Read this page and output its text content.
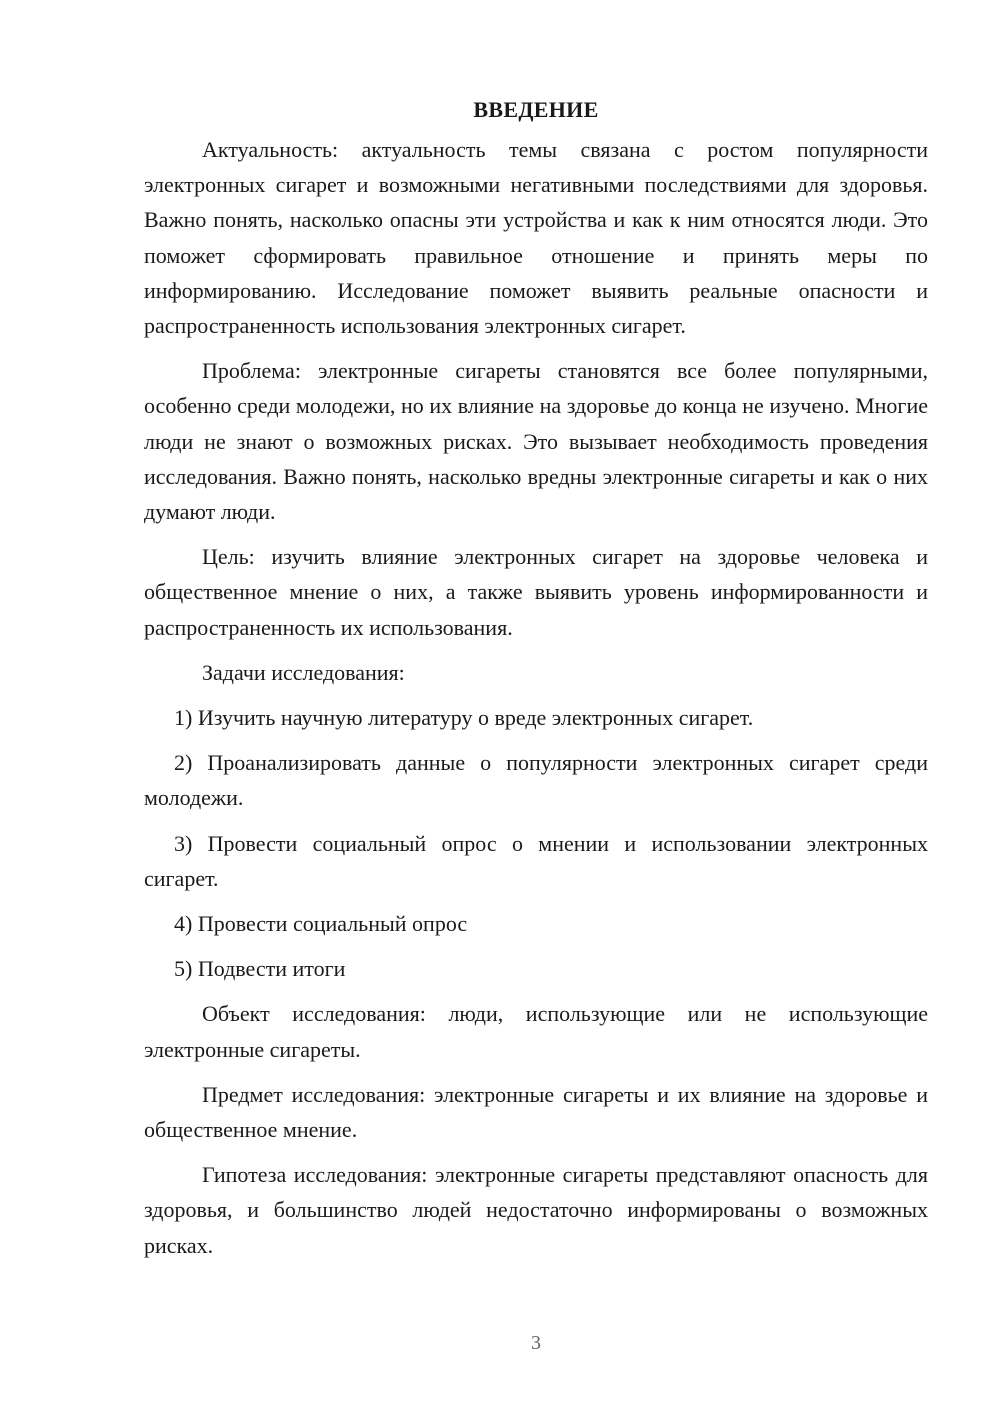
ВВЕДЕНИЕ

Актуальность: актуальность темы связана с ростом популярности электронных сигарет и возможными негативными последствиями для здоровья. Важно понять, насколько опасны эти устройства и как к ним относятся люди. Это поможет сформировать правильное отношение и принять меры по информированию. Исследование поможет выявить реальные опасности и распространенность использования электронных сигарет.

Проблема: электронные сигареты становятся все более популярными, особенно среди молодежи, но их влияние на здоровье до конца не изучено. Многие люди не знают о возможных рисках. Это вызывает необходимость проведения исследования. Важно понять, насколько вредны электронные сигареты и как о них думают люди.

Цель: изучить влияние электронных сигарет на здоровье человека и общественное мнение о них, а также выявить уровень информированности и распространенность их использования.

Задачи исследования:

1) Изучить научную литературу о вреде электронных сигарет.

2) Проанализировать данные о популярности электронных сигарет среди молодежи.

3) Провести социальный опрос о мнении и использовании электронных сигарет.

4) Провести социальный опрос

5) Подвести итоги

Объект исследования: люди, использующие или не использующие электронные сигареты.

Предмет исследования: электронные сигареты и их влияние на здоровье и общественное мнение.

Гипотеза исследования: электронные сигареты представляют опасность для здоровья, и большинство людей недостаточно информированы о возможных рисках.

3
